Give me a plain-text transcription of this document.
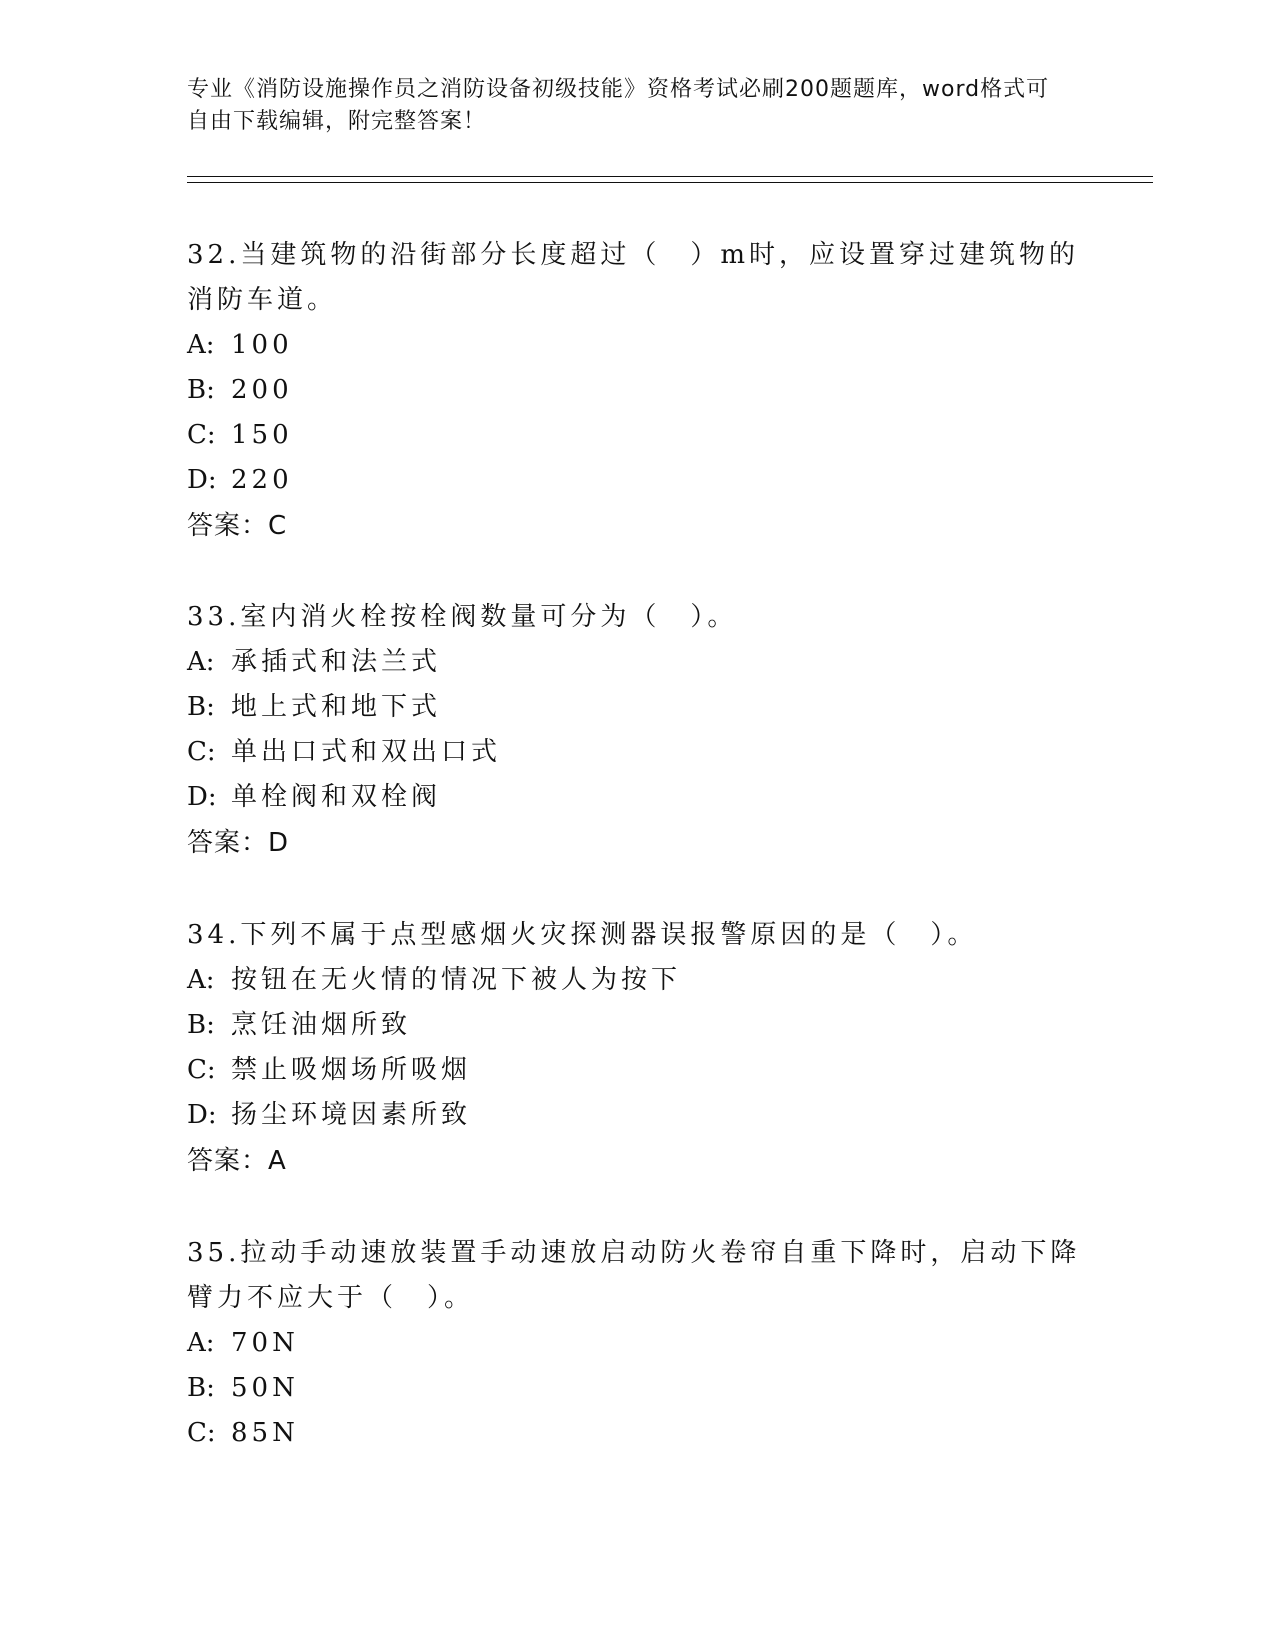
专业《消防设施操作员之消防设备初级技能》资格考试必刷200题题库，word格式可自由下载编辑，附完整答案！

32.当建筑物的沿街部分长度超过（　）m时，应设置穿过建筑物的消防车道。

A: 100

B: 200

C: 150

D: 220

答案：C

33.室内消火栓按栓阀数量可分为（　）。

A: 承插式和法兰式

B: 地上式和地下式

C: 单出口式和双出口式

D: 单栓阀和双栓阀

答案：D

34.下列不属于点型感烟火灾探测器误报警原因的是（　）。

A: 按钮在无火情的情况下被人为按下

B: 烹饪油烟所致

C: 禁止吸烟场所吸烟

D: 扬尘环境因素所致

答案：A

35.拉动手动速放装置手动速放启动防火卷帘自重下降时，启动下降臂力不应大于（　）。

A: 70N

B: 50N

C: 85N
